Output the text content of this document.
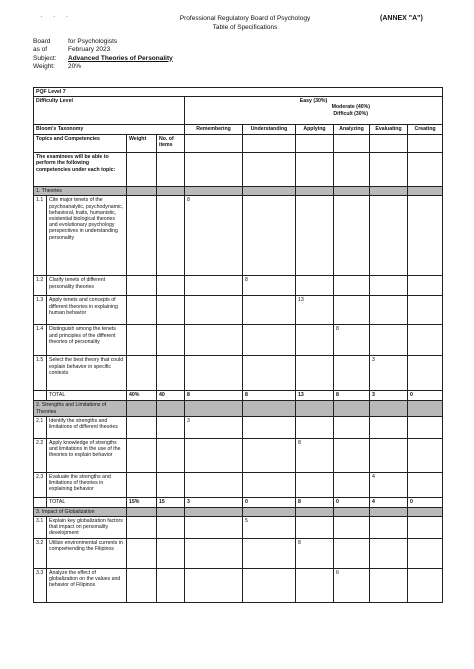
· · ·	Professional Regulatory Board of Psychology
Table of Specifications
(ANNEX "A")
Board	for Psychologists
as of	February 2023
Subject:	Advanced Theories of Personality
Weight:	20%
PQF Level 7									
Difficulty Level				Easy (30%)
Moderate (40%)
Difficult (30%)					

Bloom's Taxonomy				Remembering	Understanding	Applying	Analyzing	Evaluating	Creating
Topics and Competencies		Weight	No. of items						
The examinees will be able to perform the following competencies under each topic:									
1. Theories									
1.1	Cite major tenets of the psychoanalytic, psychodynamic, behavioral, traits, humanistic, existential biological theories and evolutionary psychology perspectives in understanding personality			8					
1.2	Clarify tenets of different personality theories				8				
1.3	Apply tenets and concepts of different theories in explaining human behavior					13			
1.4	Distinguish among the tenets and principles of the different theories of personality						8		
1.5	Select the best theory that could explain behavior in specific contexts							3	
	TOTAL	40%	40	8	8	13	8	3	0
2. Strengths and Limitations of Theories									
2.1	Identify the strengths and limitations of different theories			3					
2.2	Apply knowledge of strengths and limitations in the use of the theories to explain behavior					8			
2.3	Evaluate the strengths and limitations of theories in explaining behavior							4	
	TOTAL	15%	15	3	0	8	0	4	0
3. Impact of Globalization									
3.1	Explain key globalization factors that impact on personality development				5				
3.2	Utilize environmental currents in comprehending the Filipinos					8			
3.3	Analyze the effect of globalization on the values and behavior of Filipinos						6		
